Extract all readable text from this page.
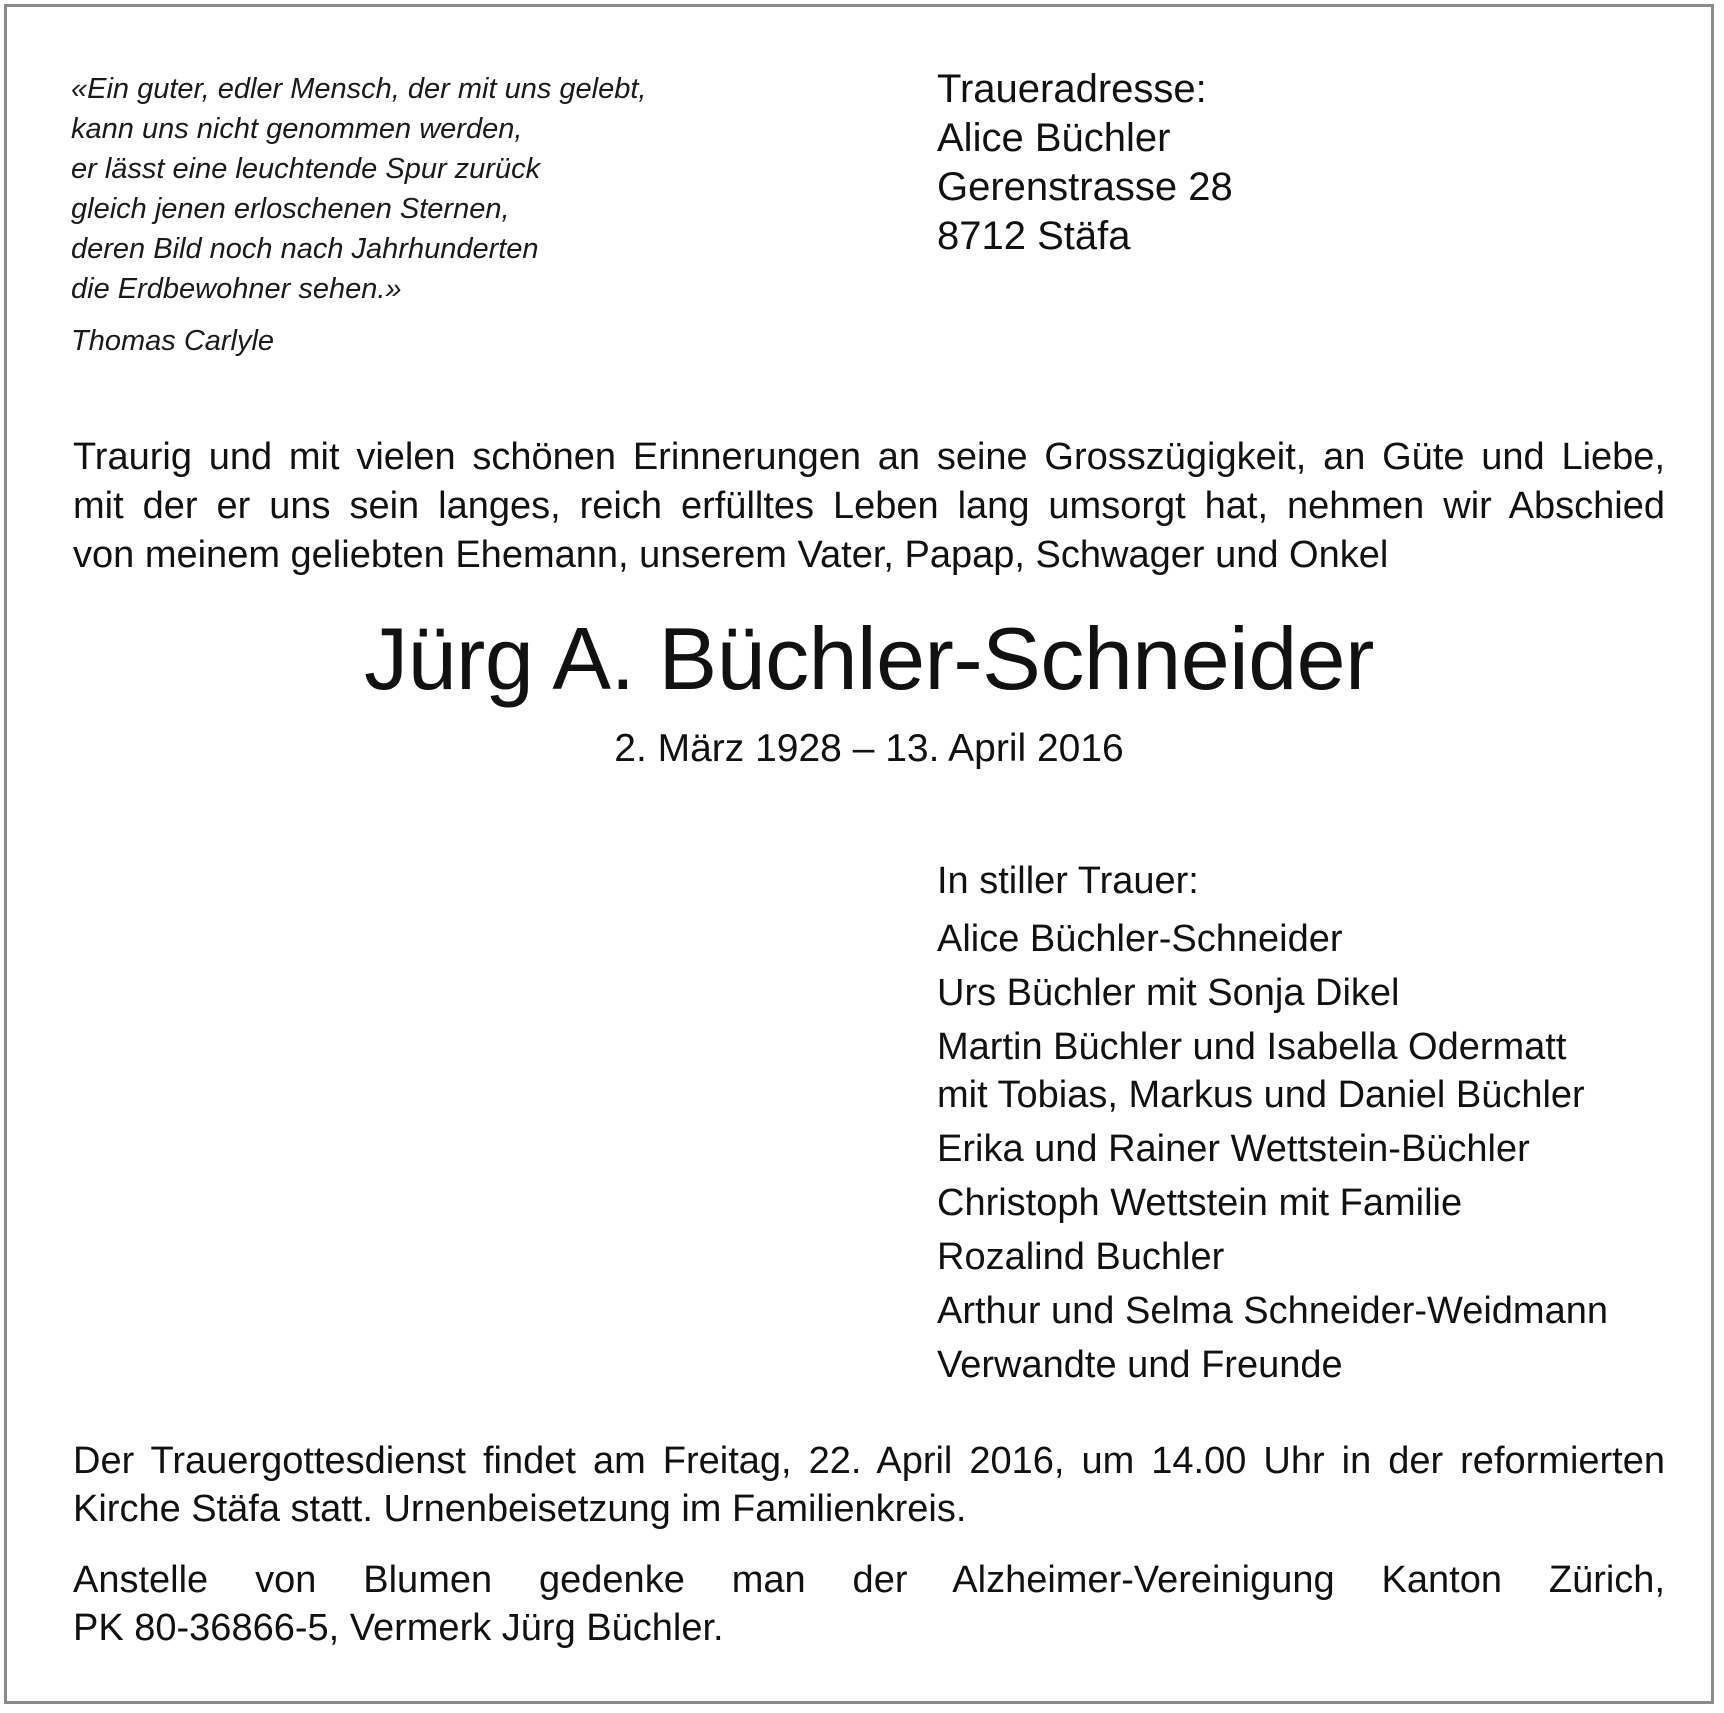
«Ein guter, edler Mensch, der mit uns gelebt,
kann uns nicht genommen werden,
er lässt eine leuchtende Spur zurück
gleich jenen erloschenen Sternen,
deren Bild noch nach Jahrhunderten
die Erdbewohner sehen.»
Thomas Carlyle
Traueradresse:
Alice Büchler
Gerenstrasse 28
8712 Stäfa
Traurig und mit vielen schönen Erinnerungen an seine Grosszügigkeit, an Güte und Liebe,
mit der er uns sein langes, reich erfülltes Leben lang umsorgt hat, nehmen wir Abschied
von meinem geliebten Ehemann, unserem Vater, Papap, Schwager und Onkel
Jürg A. Büchler-Schneider
2. März 1928 – 13. April 2016
In stiller Trauer:
Alice Büchler-Schneider
Urs Büchler mit Sonja Dikel
Martin Büchler und Isabella Odermatt
mit Tobias, Markus und Daniel Büchler
Erika und Rainer Wettstein-Büchler
Christoph Wettstein mit Familie
Rozalind Buchler
Arthur und Selma Schneider-Weidmann
Verwandte und Freunde
Der Trauergottesdienst findet am Freitag, 22. April 2016, um 14.00 Uhr in der reformierten
Kirche Stäfa statt. Urnenbeisetzung im Familienkreis.
Anstelle von Blumen gedenke man der Alzheimer-Vereinigung Kanton Zürich,
PK 80-36866-5, Vermerk Jürg Büchler.
